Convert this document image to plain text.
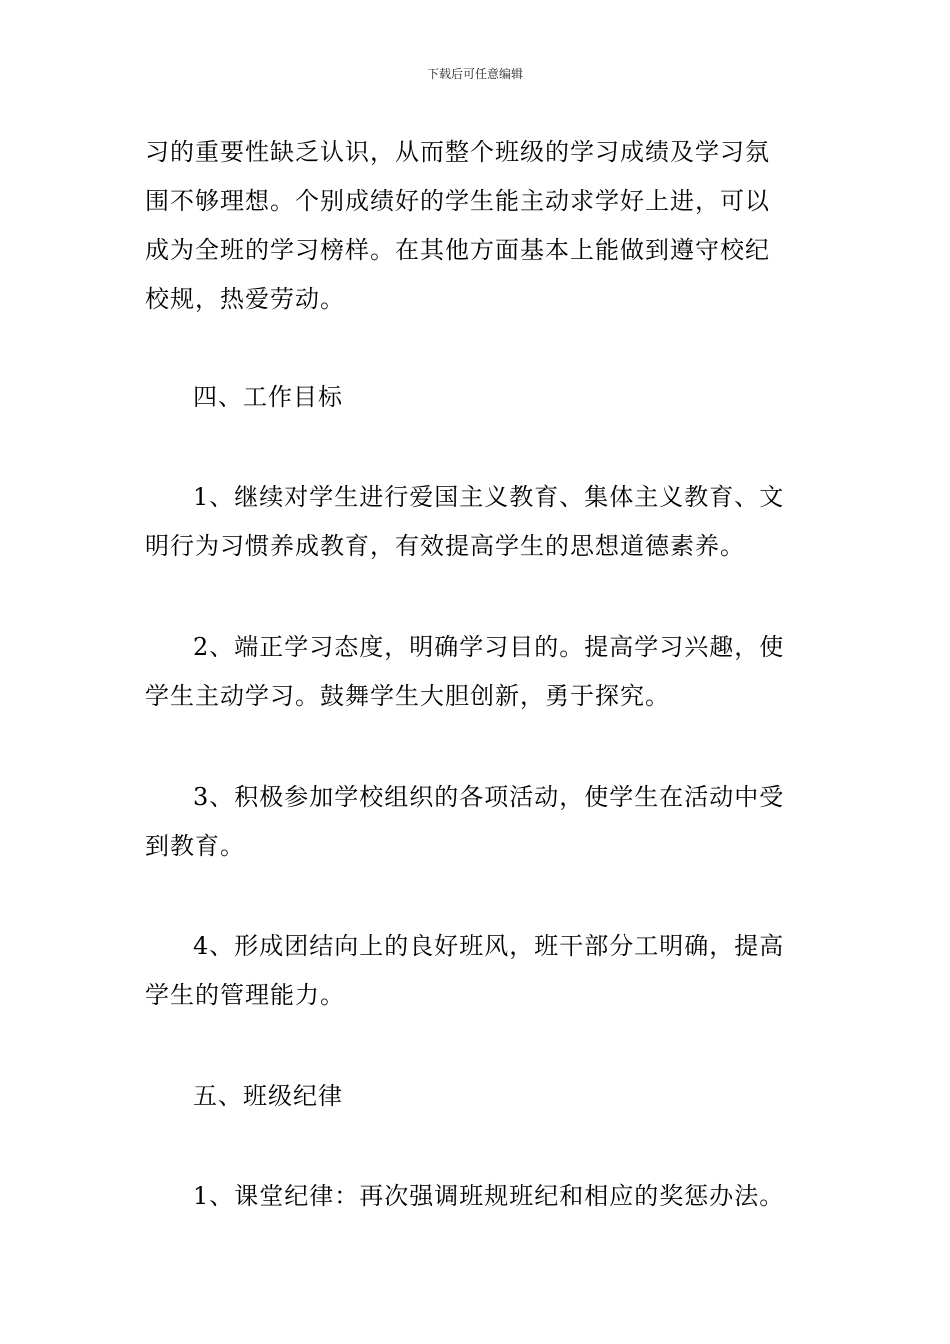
下载后可任意编辑
习的重要性缺乏认识，从而整个班级的学习成绩及学习氛
围不够理想。个别成绩好的学生能主动求学好上进，可以
成为全班的学习榜样。在其他方面基本上能做到遵守校纪
校规，热爱劳动。
四、工作目标
1、继续对学生进行爱国主义教育、集体主义教育、文
明行为习惯养成教育，有效提高学生的思想道德素养。
2、端正学习态度，明确学习目的。提高学习兴趣，使
学生主动学习。鼓舞学生大胆创新，勇于探究。
3、积极参加学校组织的各项活动，使学生在活动中受
到教育。
4、形成团结向上的良好班风，班干部分工明确，提高
学生的管理能力。
五、班级纪律
1、课堂纪律：再次强调班规班纪和相应的奖惩办法。
